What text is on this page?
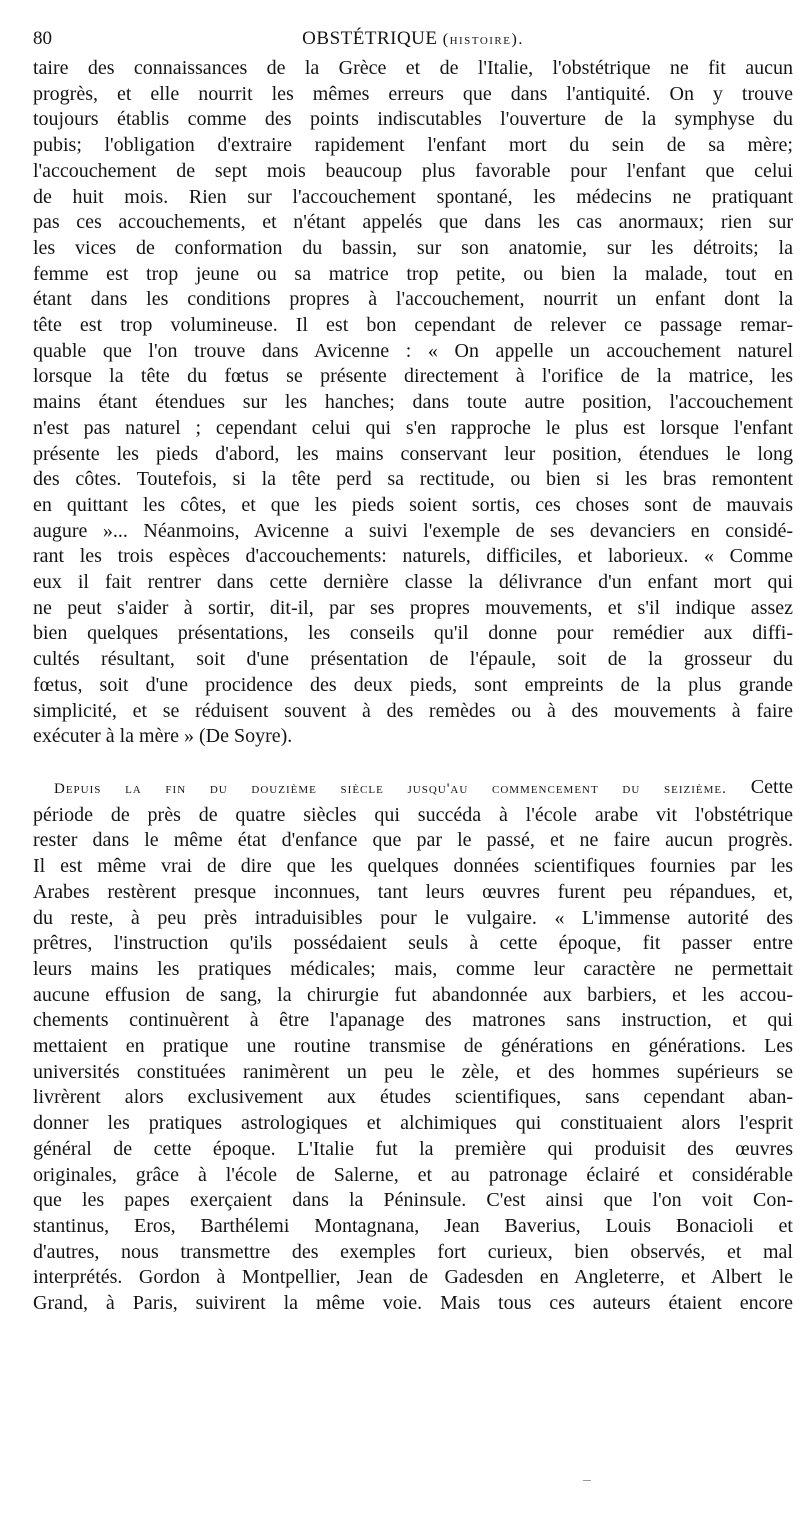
80	OBSTÉTRIQUE (histoire).
taire des connaissances de la Grèce et de l'Italie, l'obstétrique ne fit aucun
progrès, et elle nourrit les mêmes erreurs que dans l'antiquité. On y trouve
toujours établis comme des points indiscutables l'ouverture de la symphyse du
pubis; l'obligation d'extraire rapidement l'enfant mort du sein de sa mère;
l'accouchement de sept mois beaucoup plus favorable pour l'enfant que celui
de huit mois. Rien sur l'accouchement spontané, les médecins ne pratiquant
pas ces accouchements, et n'étant appelés que dans les cas anormaux; rien sur
les vices de conformation du bassin, sur son anatomie, sur les détroits; la
femme est trop jeune ou sa matrice trop petite, ou bien la malade, tout en
étant dans les conditions propres à l'accouchement, nourrit un enfant dont la
tête est trop volumineuse. Il est bon cependant de relever ce passage remar-
quable que l'on trouve dans Avicenne : « On appelle un accouchement naturel
lorsque la tête du fœtus se présente directement à l'orifice de la matrice, les
mains étant étendues sur les hanches; dans toute autre position, l'accouchement
n'est pas naturel ; cependant celui qui s'en rapproche le plus est lorsque l'enfant
présente les pieds d'abord, les mains conservant leur position, étendues le long
des côtes. Toutefois, si la tête perd sa rectitude, ou bien si les bras remontent
en quittant les côtes, et que les pieds soient sortis, ces choses sont de mauvais
augure »... Néanmoins, Avicenne a suivi l'exemple de ses devanciers en considé-
rant les trois espèces d'accouchements: naturels, difficiles, et laborieux. « Comme
eux il fait rentrer dans cette dernière classe la délivrance d'un enfant mort qui
ne peut s'aider à sortir, dit-il, par ses propres mouvements, et s'il indique assez
bien quelques présentations, les conseils qu'il donne pour remédier aux diffi-
cultés résultant, soit d'une présentation de l'épaule, soit de la grosseur du
fœtus, soit d'une procidence des deux pieds, sont empreints de la plus grande
simplicité, et se réduisent souvent à des remèdes ou à des mouvements à faire
exécuter à la mère » (De Soyre).
Depuis la fin du douzième siècle jusqu'au commencement du seizième. Cette
période de près de quatre siècles qui succéda à l'école arabe vit l'obstétrique
rester dans le même état d'enfance que par le passé, et ne faire aucun progrès.
Il est même vrai de dire que les quelques données scientifiques fournies par les
Arabes restèrent presque inconnues, tant leurs œuvres furent peu répandues, et,
du reste, à peu près intraduisibles pour le vulgaire. « L'immense autorité des
prêtres, l'instruction qu'ils possédaient seuls à cette époque, fit passer entre
leurs mains les pratiques médicales; mais, comme leur caractère ne permettait
aucune effusion de sang, la chirurgie fut abandonnée aux barbiers, et les accou-
chements continuèrent à être l'apanage des matrones sans instruction, et qui
mettaient en pratique une routine transmise de générations en générations. Les
universités constituées ranimèrent un peu le zèle, et des hommes supérieurs se
livrèrent alors exclusivement aux études scientifiques, sans cependant aban-
donner les pratiques astrologiques et alchimiques qui constituaient alors l'esprit
général de cette époque. L'Italie fut la première qui produisit des œuvres
originales, grâce à l'école de Salerne, et au patronage éclairé et considérable
que les papes exerçaient dans la Péninsule. C'est ainsi que l'on voit Con-
stantinus, Eros, Barthélemi Montagnana, Jean Baverius, Louis Bonacioli et
d'autres, nous transmettre des exemples fort curieux, bien observés, et mal
interprétés. Gordon à Montpellier, Jean de Gadesden en Angleterre, et Albert le
Grand, à Paris, suivirent la même voie. Mais tous ces auteurs étaient encore
